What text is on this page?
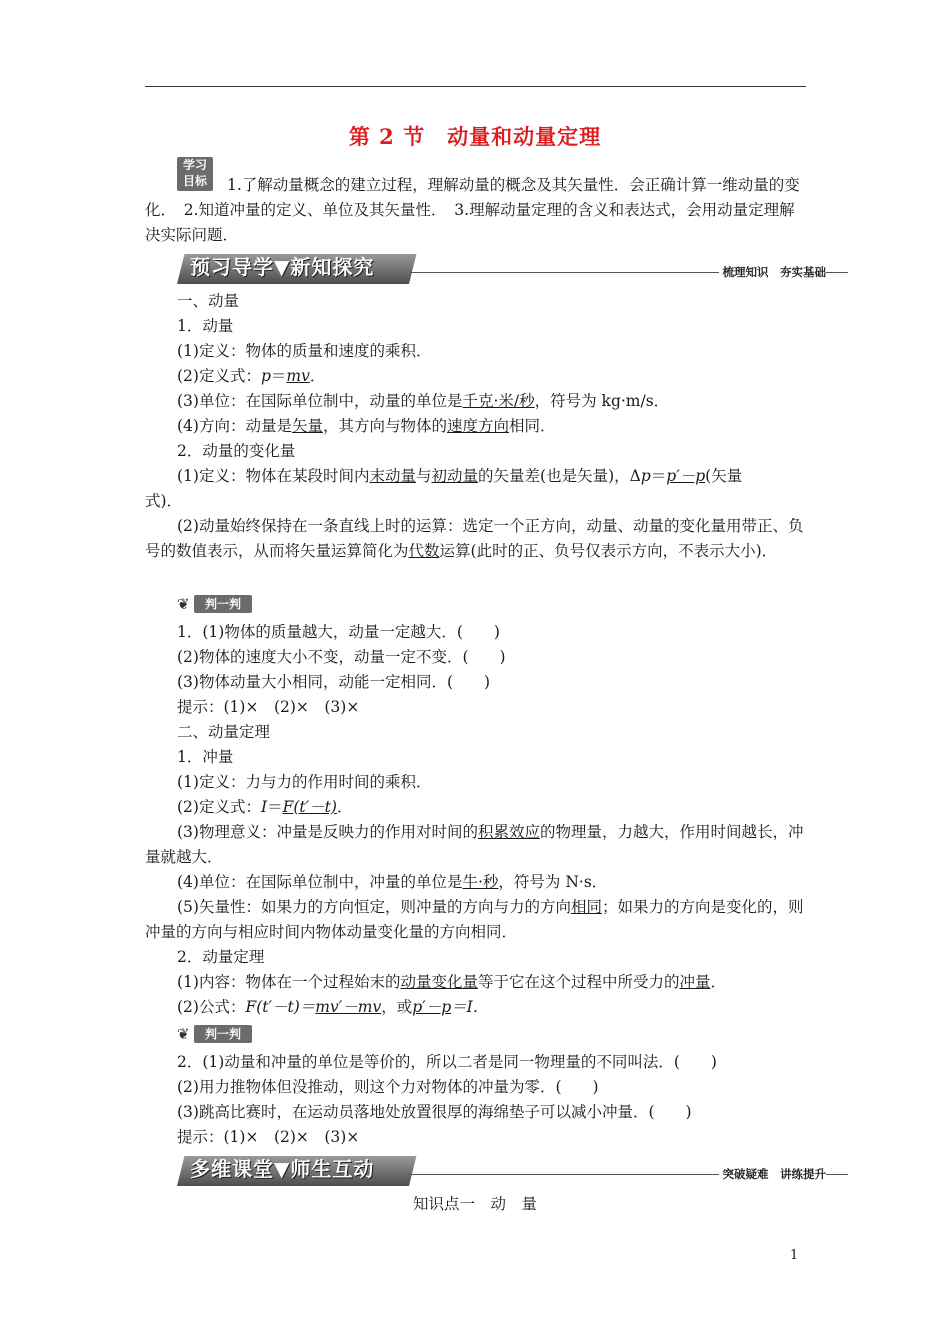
第 2 节　动量和动量定理
学习
目标	1.了解动量概念的建立过程，理解动量的概念及其矢量性．会正确计算一维动量的变化．　2.知道冲量的定义、单位及其矢量性．　3.理解动量定理的含义和表达式，会用动量定理解决实际问题．
预习导学▼新知探究	梳理知识　夯实基础
一、动量
1．动量
(1)定义：物体的质量和速度的乘积．
(2)定义式：p＝mv．
(3)单位：在国际单位制中，动量的单位是千克·米/秒，符号为 kg·m/s．
(4)方向：动量是矢量，其方向与物体的速度方向相同．
2．动量的变化量
(1)定义：物体在某段时间内末动量与初动量的矢量差(也是矢量)，Δp＝p′－p(矢量
式)．
(2)动量始终保持在一条直线上时的运算：选定一个正方向，动量、动量的变化量用带正、负号的数值表示，从而将矢量运算简化为代数运算(此时的正、负号仅表示方向，不表示大小)．
❦	判一判
1．(1)物体的质量越大，动量一定越大．(　　)
(2)物体的速度大小不变，动量一定不变．(　　)
(3)物体动量大小相同，动能一定相同．(　　)
提示：(1)×　(2)×　(3)×
二、动量定理
1．冲量
(1)定义：力与力的作用时间的乘积．
(2)定义式：I＝F(t′－t)．
(3)物理意义：冲量是反映力的作用对时间的积累效应的物理量，力越大，作用时间越长，冲量就越大．
(4)单位：在国际单位制中，冲量的单位是牛·秒，符号为 N·s．
(5)矢量性：如果力的方向恒定，则冲量的方向与力的方向相同；如果力的方向是变化的，则冲量的方向与相应时间内物体动量变化量的方向相同．
2．动量定理
(1)内容：物体在一个过程始末的动量变化量等于它在这个过程中所受力的冲量．
(2)公式：F(t′－t)＝mv′－mv，或p′－p＝I．
❦	判一判
2．(1)动量和冲量的单位是等价的，所以二者是同一物理量的不同叫法．(　　)
(2)用力推物体但没推动，则这个力对物体的冲量为零．(　　)
(3)跳高比赛时，在运动员落地处放置很厚的海绵垫子可以减小冲量．(　　)
提示：(1)×　(2)×　(3)×
多维课堂▼师生互动	突破疑难　讲练提升
知识点一　动　量
1
